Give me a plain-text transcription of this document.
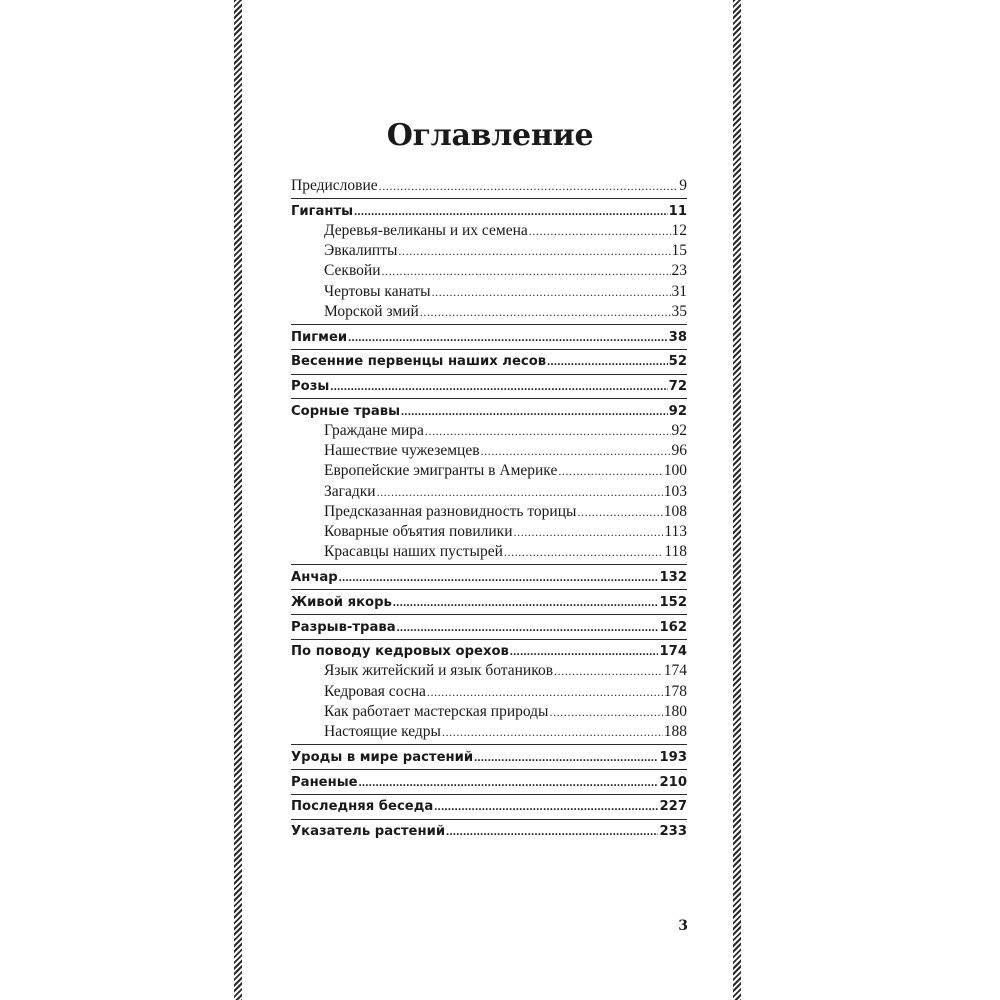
Оглавление
Предисловие .....	9
Гиганты .....	11
Деревья-великаны и их семена .....	12
Эвкалипты .....	15
Секвойи .....	23
Чертовы канаты .....	31
Морской змий .....	35
Пигмеи .....	38
Весенние первенцы наших лесов .....	52
Розы .....	72
Сорные травы .....	92
Граждане мира .....	92
Нашествие чужеземцев .....	96
Европейские эмигранты в Америке .....	100
Загадки .....	103
Предсказанная разновидность торицы .....	108
Коварные объятия повилики .....	113
Красавцы наших пустырей .....	118
Анчар .....	132
Живой якорь .....	152
Разрыв-трава .....	162
По поводу кедровых орехов .....	174
Язык житейский и язык ботаников .....	174
Кедровая сосна .....	178
Как работает мастерская природы .....	180
Настоящие кедры .....	188
Уроды в мире растений .....	193
Раненые .....	210
Последняя беседа .....	227
Указатель растений .....	233
3
